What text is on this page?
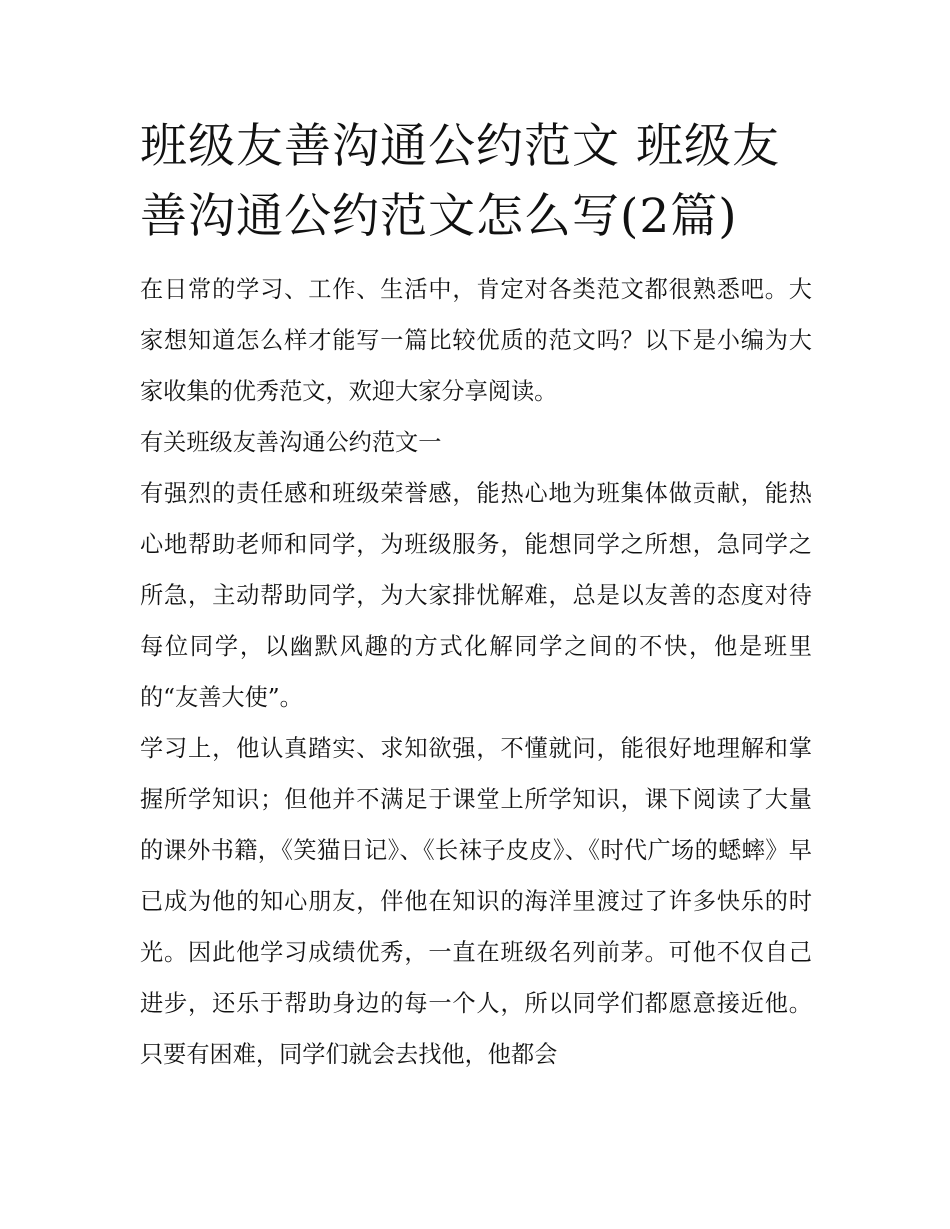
班级友善沟通公约范文 班级友善沟通公约范文怎么写(2篇)

在日常的学习、工作、生活中，肯定对各类范文都很熟悉吧。大家想知道怎么样才能写一篇比较优质的范文吗？以下是小编为大家收集的优秀范文，欢迎大家分享阅读。

有关班级友善沟通公约范文一

有强烈的责任感和班级荣誉感，能热心地为班集体做贡献，能热心地帮助老师和同学，为班级服务，能想同学之所想，急同学之所急，主动帮助同学，为大家排忧解难，总是以友善的态度对待每位同学，以幽默风趣的方式化解同学之间的不快，他是班里的“友善大使”。

学习上，他认真踏实、求知欲强，不懂就问，能很好地理解和掌握所学知识；但他并不满足于课堂上所学知识，课下阅读了大量的课外书籍，《笑猫日记》、《长袜子皮皮》、《时代广场的蟋蟀》早已成为他的知心朋友，伴他在知识的海洋里渡过了许多快乐的时光。因此他学习成绩优秀，一直在班级名列前茅。可他不仅自己进步，还乐于帮助身边的每一个人，所以同学们都愿意接近他。只要有困难，同学们就会去找他，他都会
